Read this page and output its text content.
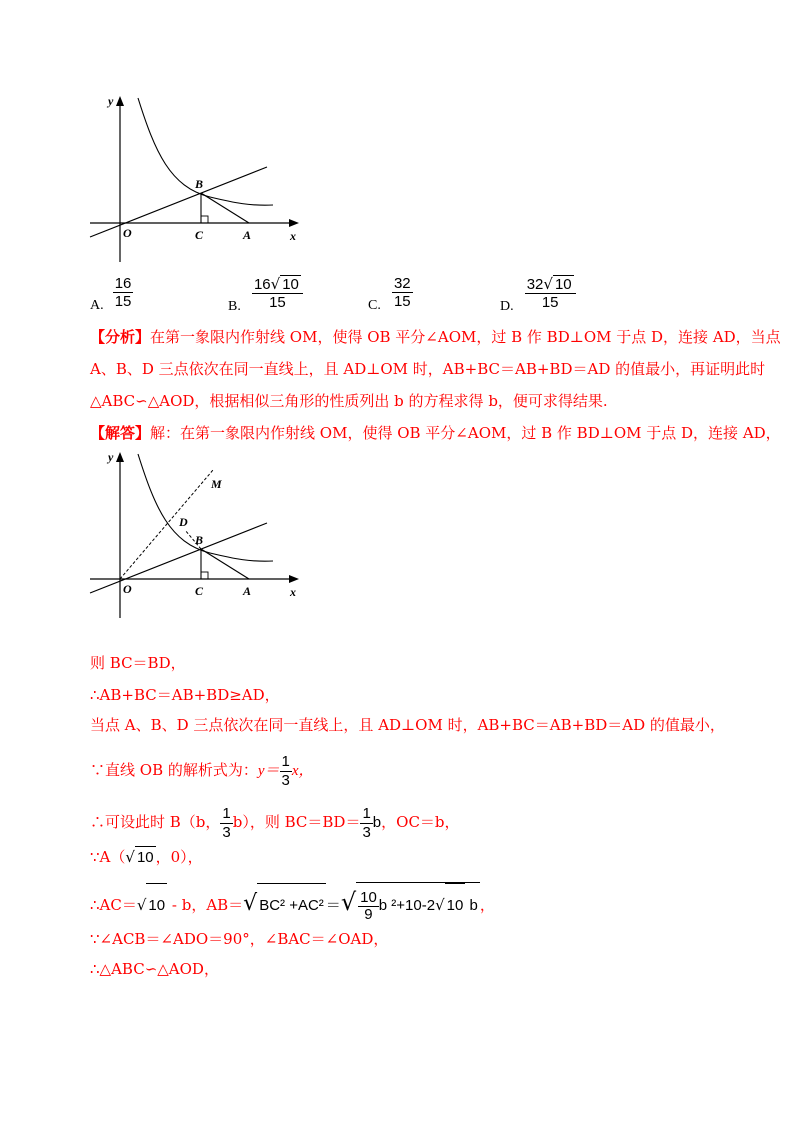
y
x
O
B
C	A
A. $\frac{16}{15}$	B. $\frac{16√ 10}{15}$	C. $\frac{32}{15}$	D. $\frac{32√ 10}{15}$
【分析】在第一象限内作射线 OM，使得 OB 平分∠AOM，过 B 作 BD⊥OM 于点 D，连接 AD，当点
A、B、D 三点依次在同一直线上，且 AD⊥OM 时，AB+BC＝AB+BD＝AD 的值最小，再证明此时
△ABC∽△AOD，根据相似三角形的性质列出 b 的方程求得 b，便可求得结果.
【解答】解：在第一象限内作射线 OM，使得 OB 平分∠AOM，过 B 作 BD⊥OM 于点 D，连接 AD，
y
x
O
B
C	A
D
M
则 BC＝BD，
∴AB+BC＝AB+BD≥AD，
当点 A、B、D 三点依次在同一直线上，且 AD⊥OM 时，AB+BC＝AB+BD＝AD 的值最小，
∵直线 OB 的解析式为：$y= \frac{1}{3}$ x，
∴可设此时 B（b， $\frac{1}{3} b$），则 $BC=BD= \frac{1}{3}$ b，OC＝b，
∵A（√ 10 ，0），
∴AC＝√ 10 - b，AB＝√ BC² +AC² ＝√ $\frac{10}{9}$ b ²+10-2√ 10 b ，
∵∠ACB＝∠ADO＝90°，∠BAC＝∠OAD，
∴△ABC∽△AOD，
